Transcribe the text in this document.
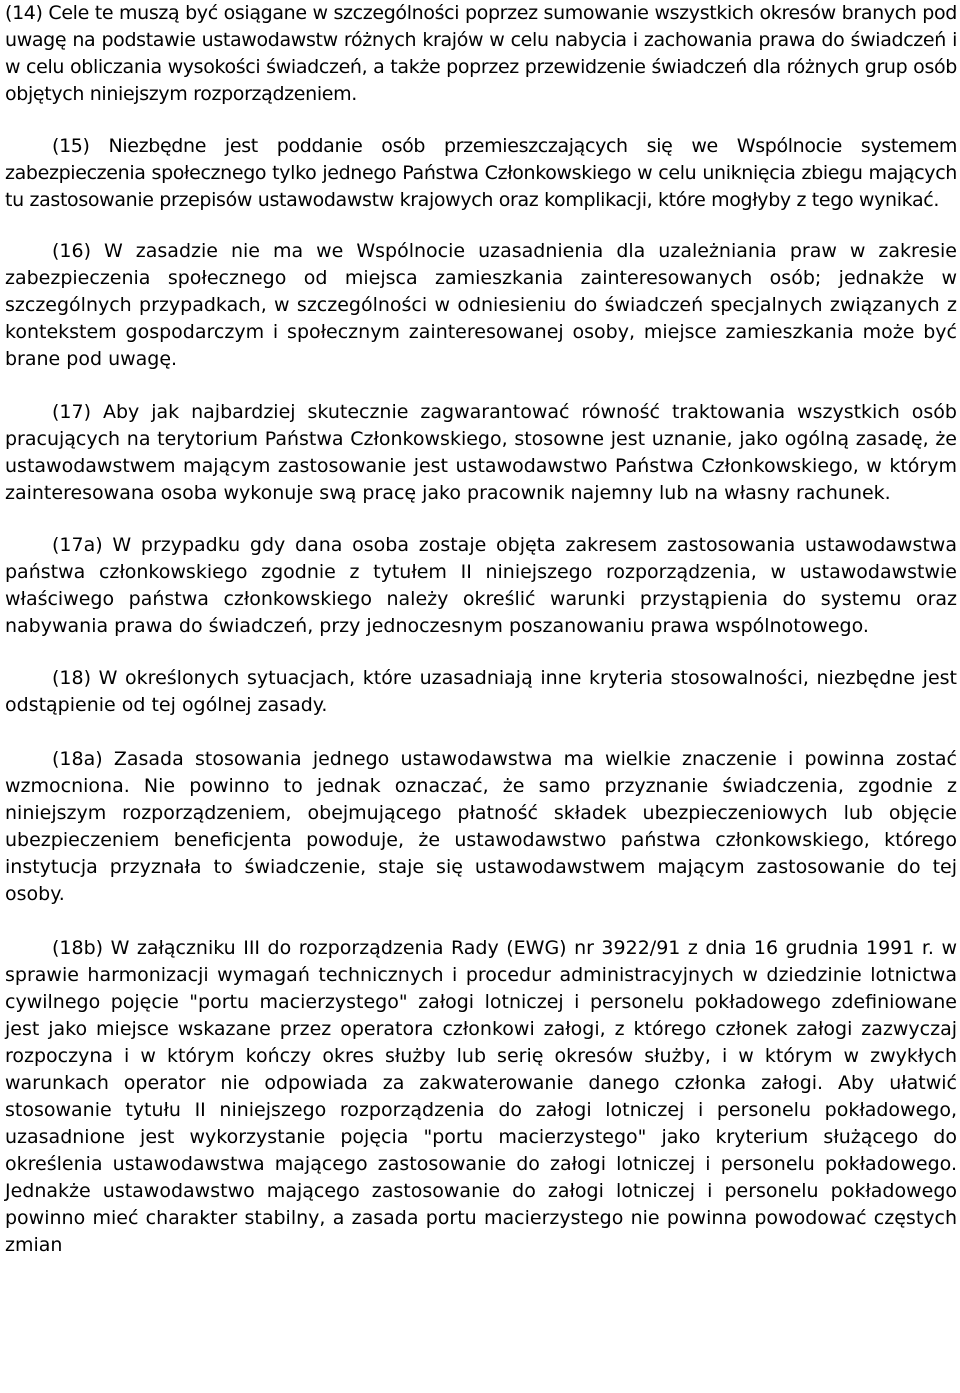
(14) Cele te muszą być osiągane w szczególności poprzez sumowanie wszystkich okresów branych pod uwagę na podstawie ustawodawstw różnych krajów w celu nabycia i zachowania prawa do świadczeń i w celu obliczania wysokości świadczeń, a także poprzez przewidzenie świadczeń dla różnych grup osób objętych niniejszym rozporządzeniem.

(15) Niezbędne jest poddanie osób przemieszczających się we Wspólnocie systemem zabezpieczenia społecznego tylko jednego Państwa Członkowskiego w celu uniknięcia zbiegu mających tu zastosowanie przepisów ustawodawstw krajowych oraz komplikacji, które mogłyby z tego wynikać.

(16) W zasadzie nie ma we Wspólnocie uzasadnienia dla uzależniania praw w zakresie zabezpieczenia społecznego od miejsca zamieszkania zainteresowanych osób; jednakże w szczególnych przypadkach, w szczególności w odniesieniu do świadczeń specjalnych związanych z kontekstem gospodarczym i społecznym zainteresowanej osoby, miejsce zamieszkania może być brane pod uwagę.

(17) Aby jak najbardziej skutecznie zagwarantować równość traktowania wszystkich osób pracujących na terytorium Państwa Członkowskiego, stosowne jest uznanie, jako ogólną zasadę, że ustawodawstwem mającym zastosowanie jest ustawodawstwo Państwa Członkowskiego, w którym zainteresowana osoba wykonuje swą pracę jako pracownik najemny lub na własny rachunek.

(17a) W przypadku gdy dana osoba zostaje objęta zakresem zastosowania ustawodawstwa państwa członkowskiego zgodnie z tytułem II niniejszego rozporządzenia, w ustawodawstwie właściwego państwa członkowskiego należy określić warunki przystąpienia do systemu oraz nabywania prawa do świadczeń, przy jednoczesnym poszanowaniu prawa wspólnotowego.

(18) W określonych sytuacjach, które uzasadniają inne kryteria stosowalności, niezbędne jest odstąpienie od tej ogólnej zasady.

(18a) Zasada stosowania jednego ustawodawstwa ma wielkie znaczenie i powinna zostać wzmocniona. Nie powinno to jednak oznaczać, że samo przyznanie świadczenia, zgodnie z niniejszym rozporządzeniem, obejmującego płatność składek ubezpieczeniowych lub objęcie ubezpieczeniem beneficjenta powoduje, że ustawodawstwo państwa członkowskiego, którego instytucja przyznała to świadczenie, staje się ustawodawstwem mającym zastosowanie do tej osoby.

(18b) W załączniku III do rozporządzenia Rady (EWG) nr 3922/91 z dnia 16 grudnia 1991 r. w sprawie harmonizacji wymagań technicznych i procedur administracyjnych w dziedzinie lotnictwa cywilnego pojęcie "portu macierzystego" załogi lotniczej i personelu pokładowego zdefiniowane jest jako miejsce wskazane przez operatora członkowi załogi, z którego członek załogi zazwyczaj rozpoczyna i w którym kończy okres służby lub serię okresów służby, i w którym w zwykłych warunkach operator nie odpowiada za zakwaterowanie danego członka załogi. Aby ułatwić stosowanie tytułu II niniejszego rozporządzenia do załogi lotniczej i personelu pokładowego, uzasadnione jest wykorzystanie pojęcia "portu macierzystego" jako kryterium służącego do określenia ustawodawstwa mającego zastosowanie do załogi lotniczej i personelu pokładowego. Jednakże ustawodawstwo mającego zastosowanie do załogi lotniczej i personelu pokładowego powinno mieć charakter stabilny, a zasada portu macierzystego nie powinna powodować częstych zmian
